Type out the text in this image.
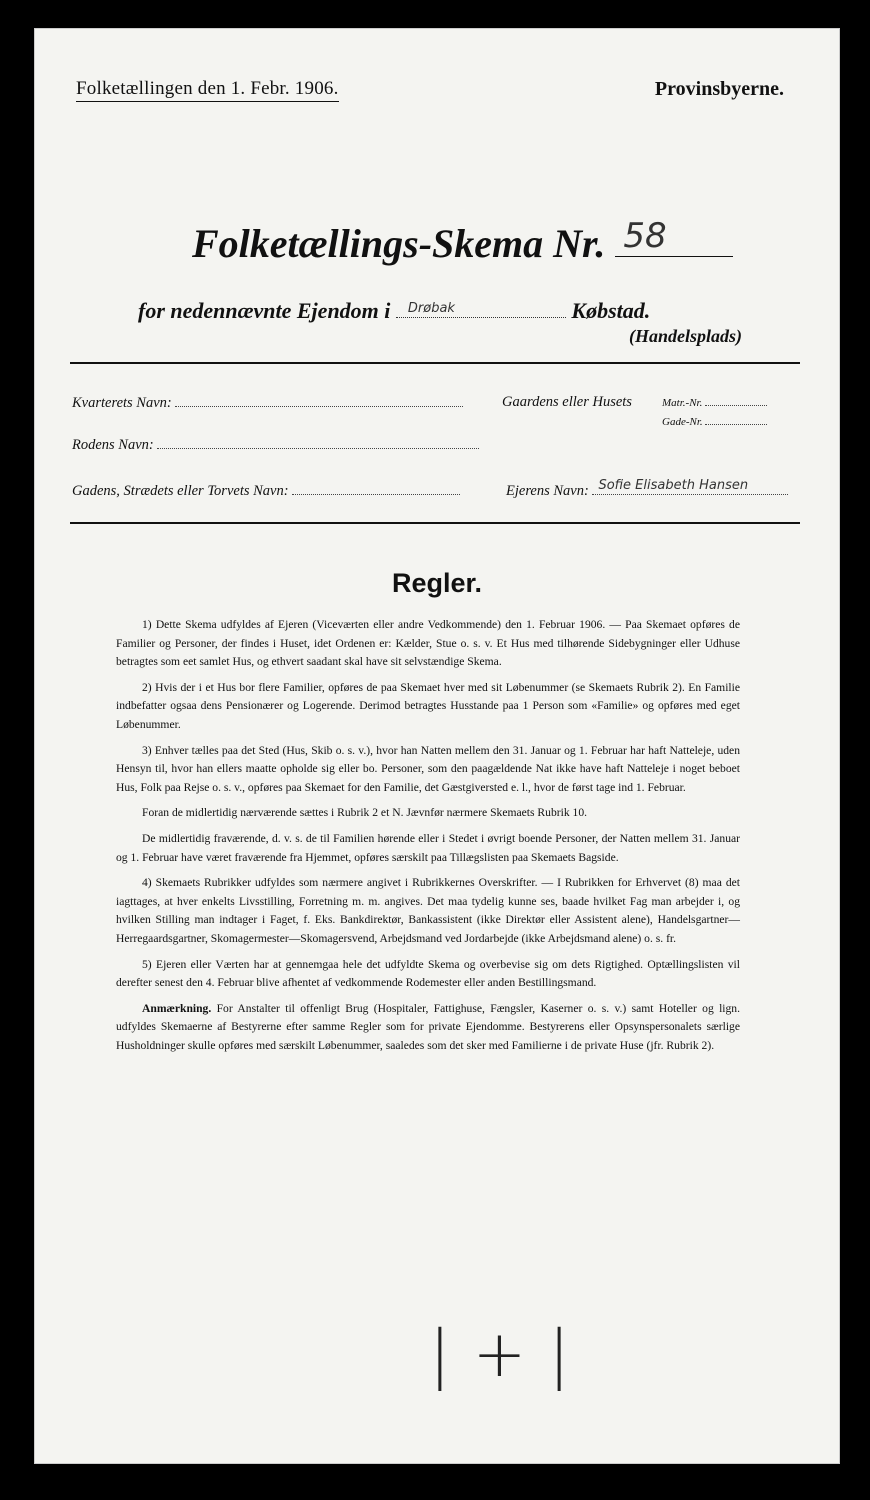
Folketællingen den 1. Febr. 1906.	Provinsbyerne.
Folketællings-Skema Nr. 58
for nedennævnte Ejendom i Drøbak	Købstad.
(Handelsplads)
Kvarterets Navn:	Gaardens eller Husets	Matr.-Nr.
Gade-Nr.
Rodens Navn:
Gadens, Strædets eller Torvets Navn:	Ejerens Navn: Sofie Elisabeth Hansen
Regler.

1) Dette Skema udfyldes af Ejeren (Viceværten eller andre Vedkommende) den 1. Februar 1906. — Paa Skemaet opføres de Familier og Personer, der findes i Huset, idet Ordenen er: Kælder, Stue o. s. v. Et Hus med tilhørende Sidebygninger eller Udhuse betragtes som eet samlet Hus, og ethvert saadant skal have sit selvstændige Skema.

2) Hvis der i et Hus bor flere Familier, opføres de paa Skemaet hver med sit Løbenummer (se Skemaets Rubrik 2). En Familie indbefatter ogsaa dens Pensionærer og Logerende. Derimod betragtes Husstande paa 1 Person som «Familie» og opføres med eget Løbenummer.

3) Enhver tælles paa det Sted (Hus, Skib o. s. v.), hvor han Natten mellem den 31. Januar og 1. Februar har haft Natteleje, uden Hensyn til, hvor han ellers maatte opholde sig eller bo. Personer, som den paagældende Nat ikke have haft Natteleje i noget beboet Hus, Folk paa Rejse o. s. v., opføres paa Skemaet for den Familie, det Gæstgiversted e. l., hvor de først tage ind 1. Februar.

Foran de midlertidig nærværende sættes i Rubrik 2 et N. Jævnfør nærmere Skemaets Rubrik 10.

De midlertidig fraværende, d. v. s. de til Familien hørende eller i Stedet i øvrigt boende Personer, der Natten mellem 31. Januar og 1. Februar have været fraværende fra Hjemmet, opføres særskilt paa Tillægslisten paa Skemaets Bagside.

4) Skemaets Rubrikker udfyldes som nærmere angivet i Rubrikkernes Overskrifter. — I Rubrikken for Erhvervet (8) maa det iagttages, at hver enkelts Livsstilling, Forretning m. m. angives. Det maa tydelig kunne ses, baade hvilket Fag man arbejder i, og hvilken Stilling man indtager i Faget, f. Eks. Bankdirektør, Bankassistent (ikke Direktør eller Assistent alene), Handelsgartner—Herregaardsgartner, Skomagermester—Skomagersvend, Arbejdsmand ved Jordarbejde (ikke Arbejdsmand alene) o. s. fr.

5) Ejeren eller Værten har at gennemgaa hele det udfyldte Skema og overbevise sig om dets Rigtighed. Optællingslisten vil derefter senest den 4. Februar blive afhentet af vedkommende Rodemester eller anden Bestillingsmand.

Anmærkning. For Anstalter til offenligt Brug (Hospitaler, Fattighuse, Fængsler, Kaserner o. s. v.) samt Hoteller og lign. udfyldes Skemaerne af Bestyrerne efter samme Regler som for private Ejendomme. Bestyrerens eller Opsynspersonalets særlige Husholdninger skulle opføres med særskilt Løbenummer, saaledes som det sker med Familierne i de private Huse (jfr. Rubrik 2).

|+|
